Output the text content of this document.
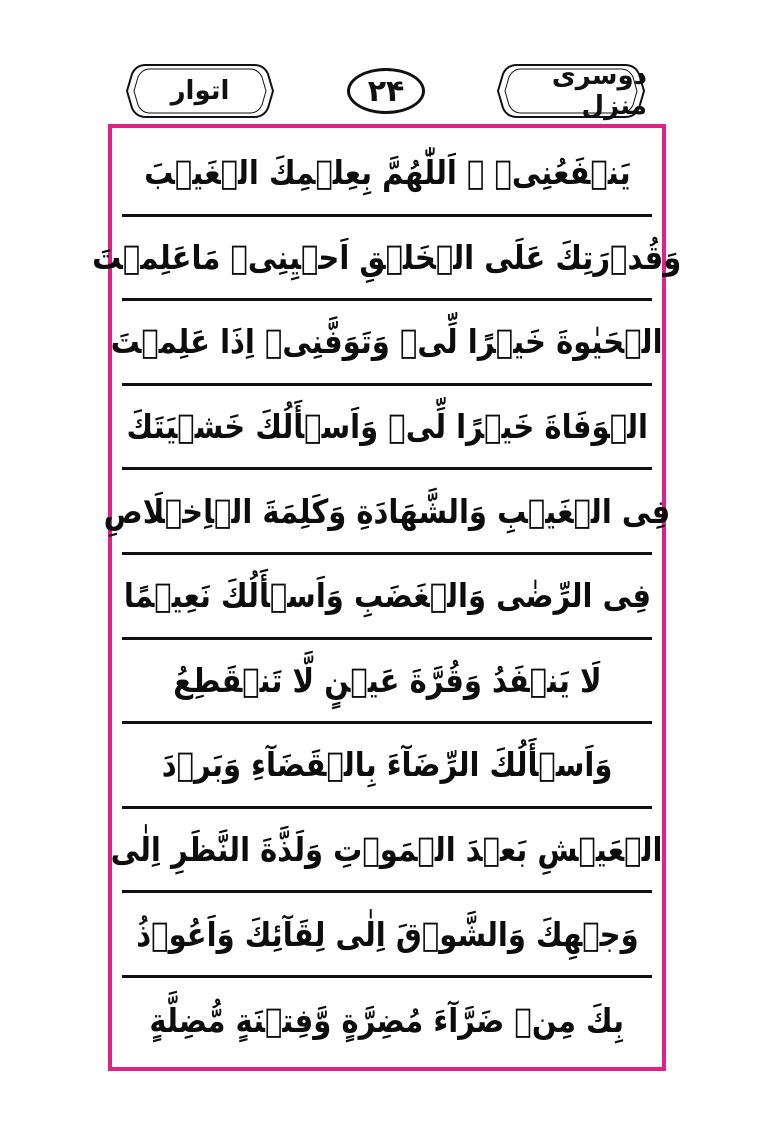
اتوار	۲۴	دوسری منزل
يَنۡفَعُنِىۡ ۞ اَللّٰهُمَّ بِعِلۡمِكَ الۡغَيۡبَ
وَقُدۡرَتِكَ عَلَى الۡخَلۡقِ اَحۡيِنِىۡ مَاعَلِمۡتَ
الۡحَيٰوةَ خَيۡرًا لِّىۡ وَتَوَفَّنِىۡ اِذَا عَلِمۡتَ
الۡوَفَاةَ خَيۡرًا لِّىۡ وَاَسۡأَلُكَ خَشۡيَتَكَ
فِى الۡغَيۡبِ وَالشَّهَادَةِ وَكَلِمَةَ الۡاِخۡلَاصِ
فِى الرِّضٰى وَالۡغَضَبِ وَاَسۡأَلُكَ نَعِيۡمًا
لَا يَنۡفَدُ وَقُرَّةَ عَيۡنٍ لَّا تَنۡقَطِعُ
وَاَسۡأَلُكَ الرِّضَآءَ بِالۡقَضَآءِ وَبَرۡدَ
الۡعَيۡشِ بَعۡدَ الۡمَوۡتِ وَلَذَّةَ النَّظَرِ اِلٰى
وَجۡهِكَ وَالشَّوۡقَ اِلٰى لِقَآئِكَ وَاَعُوۡذُ
بِكَ مِنۡ ضَرَّآءَ مُضِرَّةٍ وَّفِتۡنَةٍ مُّضِلَّةٍ
